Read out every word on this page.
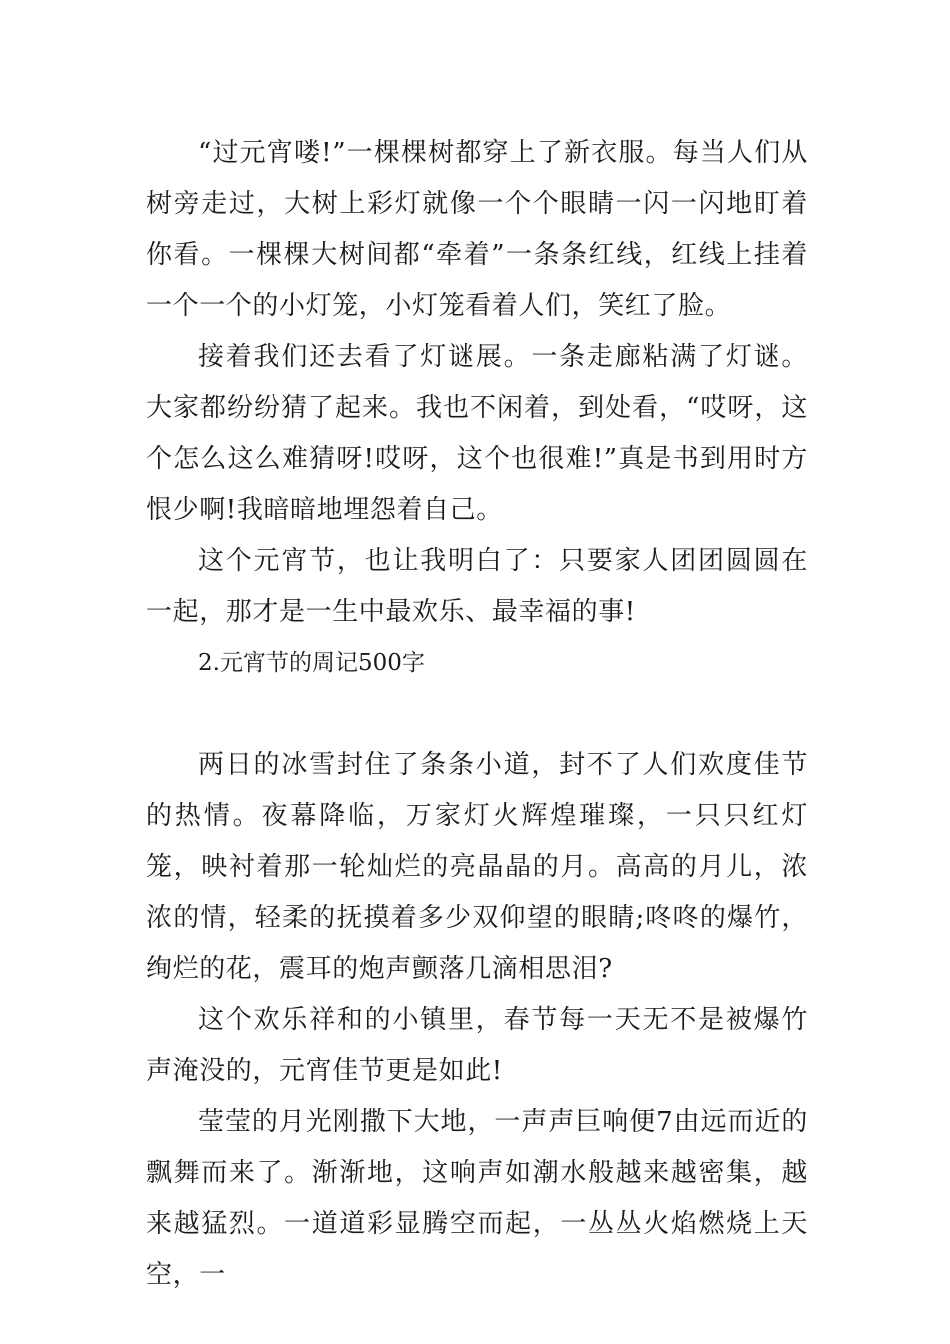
“过元宵喽!”一棵棵树都穿上了新衣服。每当人们从树旁走过，大树上彩灯就像一个个眼睛一闪一闪地盯着你看。一棵棵大树间都“牵着”一条条红线，红线上挂着一个一个的小灯笼，小灯笼看着人们，笑红了脸。

接着我们还去看了灯谜展。一条走廊粘满了灯谜。大家都纷纷猜了起来。我也不闲着，到处看，“哎呀，这个怎么这么难猜呀!哎呀，这个也很难!”真是书到用时方恨少啊!我暗暗地埋怨着自己。

这个元宵节，也让我明白了：只要家人团团圆圆在一起，那才是一生中最欢乐、最幸福的事!

2.元宵节的周记500字

两日的冰雪封住了条条小道，封不了人们欢度佳节的热情。夜幕降临，万家灯火辉煌璀璨，一只只红灯笼，映衬着那一轮灿烂的亮晶晶的月。高高的月儿，浓浓的情，轻柔的抚摸着多少双仰望的眼睛;咚咚的爆竹，绚烂的花，震耳的炮声颤落几滴相思泪?

这个欢乐祥和的小镇里，春节每一天无不是被爆竹声淹没的，元宵佳节更是如此!

莹莹的月光刚撒下大地，一声声巨响便7由远而近的飘舞而来了。渐渐地，这响声如潮水般越来越密集，越来越猛烈。一道道彩显腾空而起，一丛丛火焰燃烧上天空，一
